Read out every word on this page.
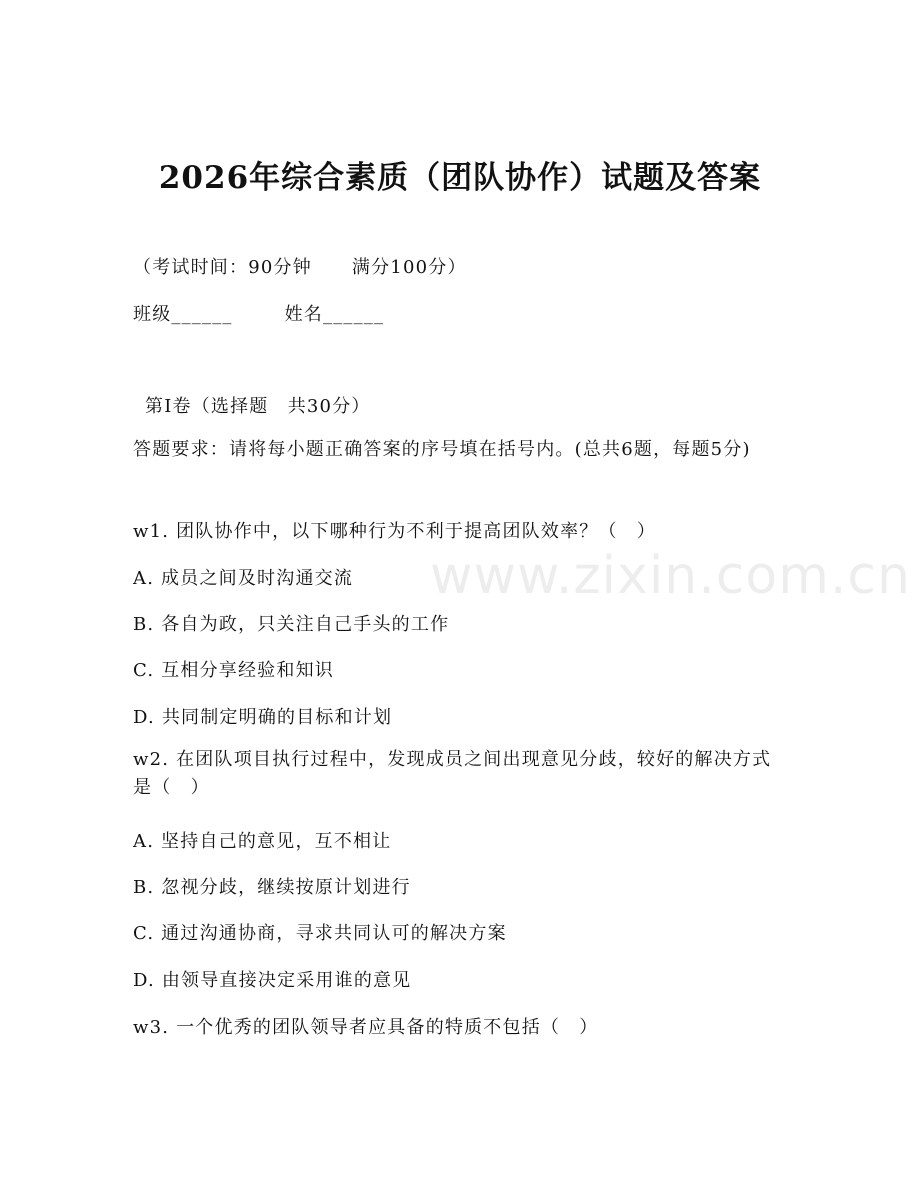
2026年综合素质（团队协作）试题及答案
（考试时间：90分钟 满分100分）
班级______	姓名______
第Ⅰ卷（选择题　共30分）
答题要求：请将每小题正确答案的序号填在括号内。(总共6题，每题5分)
w1. 团队协作中，以下哪种行为不利于提高团队效率？（　）
A. 成员之间及时沟通交流
B. 各自为政，只关注自己手头的工作
C. 互相分享经验和知识
D. 共同制定明确的目标和计划
w2. 在团队项目执行过程中，发现成员之间出现意见分歧，较好的解决方式是（　）
A. 坚持自己的意见，互不相让
B. 忽视分歧，继续按原计划进行
C. 通过沟通协商，寻求共同认可的解决方案
D. 由领导直接决定采用谁的意见
w3. 一个优秀的团队领导者应具备的特质不包括（　）
www.zixin.com.cn
